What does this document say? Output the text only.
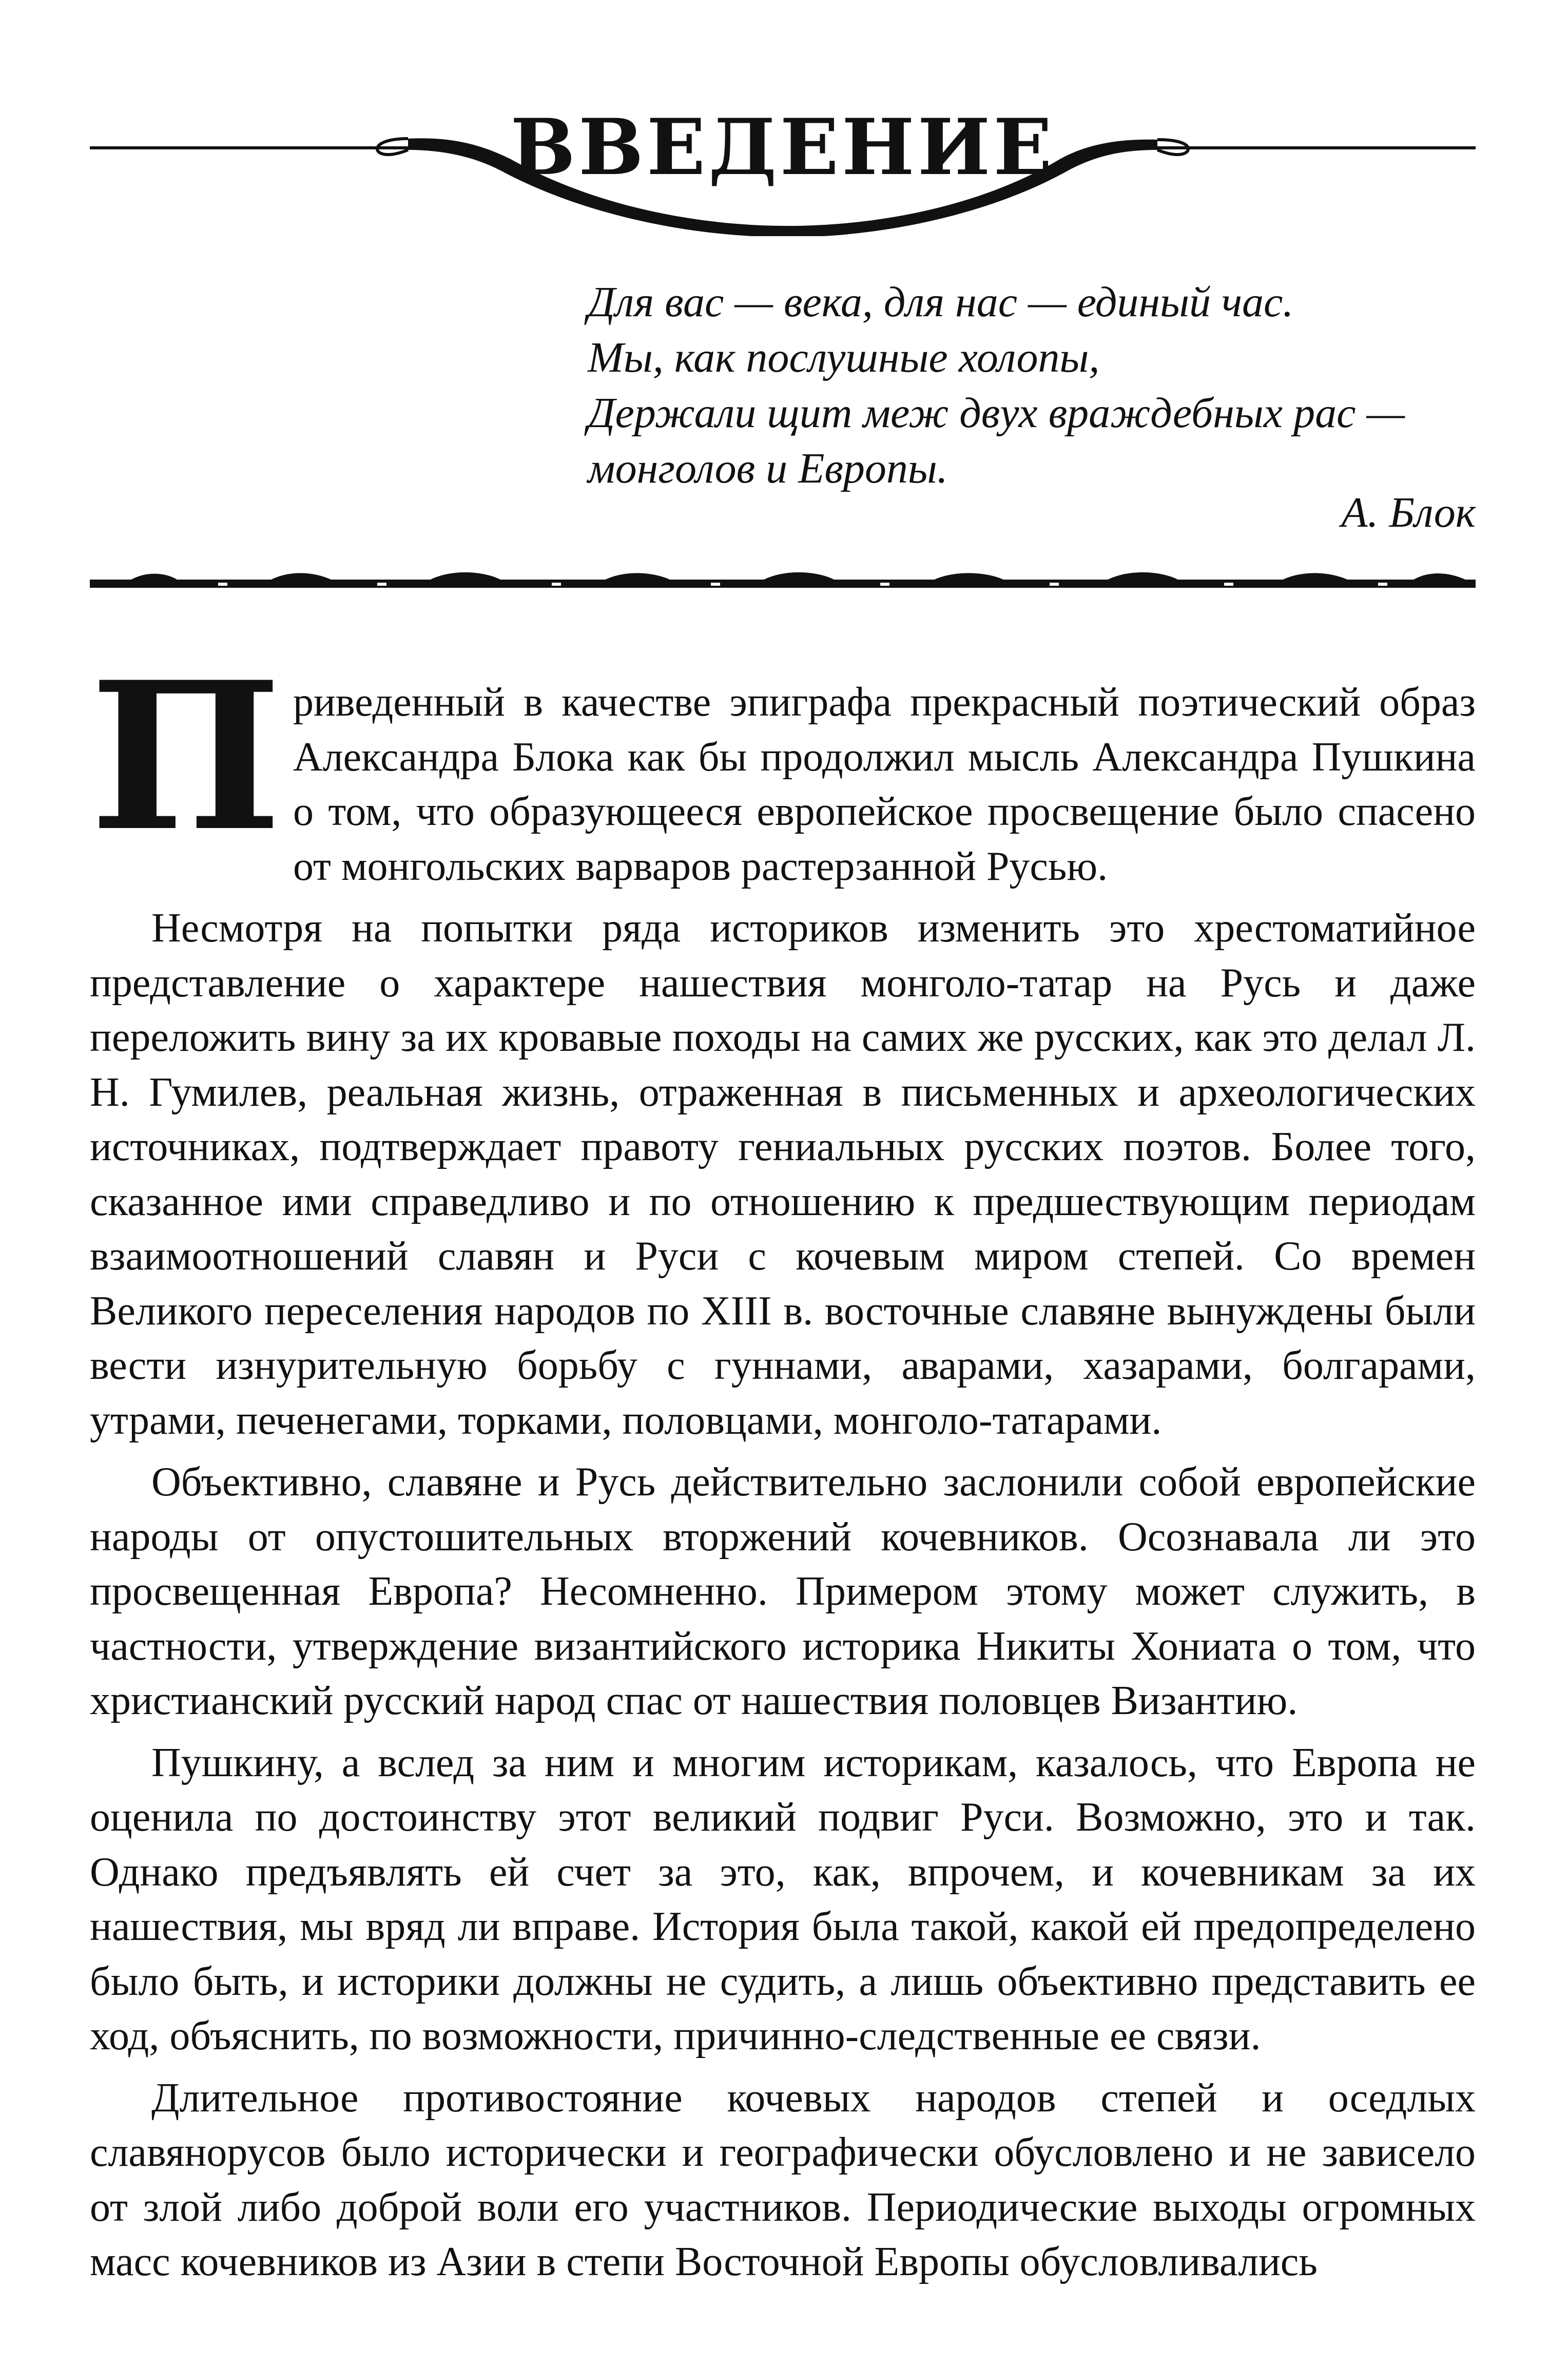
ВВЕДЕНИЕ
Для вас — века, для нас — единый час.
Мы, как послушные холопы,
Держали щит меж двух враждебных рас —
монголов и Европы.
А. Блок

Приведенный в качестве эпиграфа прекрасный поэтический образ Александра Блока как бы продолжил мысль Александра Пушкина о том, что образующееся европейское просвещение было спасено от монгольских варваров растерзанной Русью.

Несмотря на попытки ряда историков изменить это хрестоматийное представление о характере нашествия монголо-татар на Русь и даже переложить вину за их кровавые походы на самих же русских, как это делал Л. Н. Гумилев, реальная жизнь, отраженная в письменных и археологических источниках, подтверждает правоту гениальных русских поэтов. Более того, сказанное ими справедливо и по отношению к предшествующим периодам взаимоотношений славян и Руси с кочевым миром степей. Со времен Великого переселения народов по XIII в. восточные славяне вынуждены были вести изнурительную борьбу с гуннами, аварами, хазарами, болгарами, утрами, печенегами, торками, половцами, монголо-татарами.

Объективно, славяне и Русь действительно заслонили собой европейские народы от опустошительных вторжений кочевников. Осознавала ли это просвещенная Европа? Несомненно. Примером этому может служить, в частности, утверждение византийского историка Никиты Хониата о том, что христианский русский народ спас от нашествия половцев Византию.

Пушкину, а вслед за ним и многим историкам, казалось, что Европа не оценила по достоинству этот великий подвиг Руси. Возможно, это и так. Однако предъявлять ей счет за это, как, впрочем, и кочевникам за их нашествия, мы вряд ли вправе. История была такой, какой ей предопределено было быть, и историки должны не судить, а лишь объективно представить ее ход, объяснить, по возможности, причинно-следственные ее связи.

Длительное противостояние кочевых народов степей и оседлых славянорусов было исторически и географически обусловлено и не зависело от злой либо доброй воли его участников. Периодические выходы огромных масс кочевников из Азии в степи Восточной Европы обусловливались
